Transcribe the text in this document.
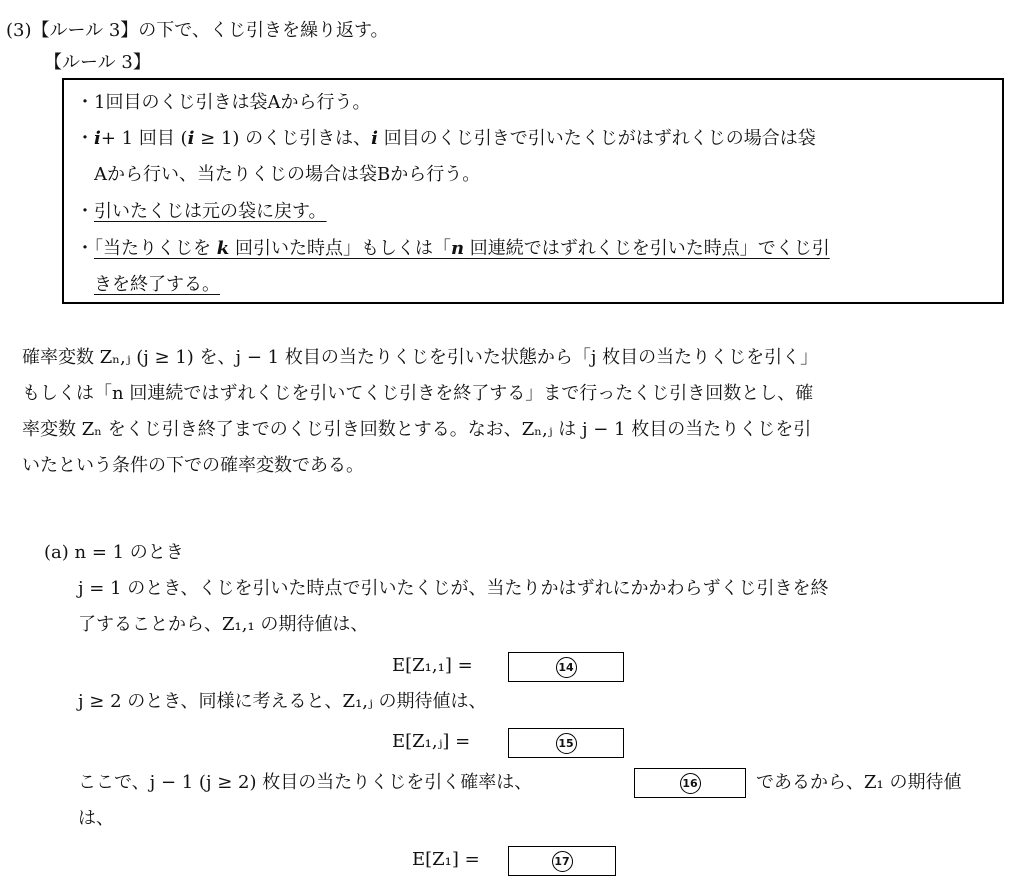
(3)【ルール 3】の下で、くじ引きを繰り返す。
【ルール 3】
・1回目のくじ引きは袋Aから行う。
・i+ 1 回目 (i ≥ 1) のくじ引きは、i 回目のくじ引きで引いたくじがはずれくじの場合は袋
Aから行い、当たりくじの場合は袋Bから行う。
・引いたくじは元の袋に戻す。
・「当たりくじを k 回引いた時点」もしくは「n 回連続ではずれくじを引いた時点」でくじ引
きを終了する。
確率変数 Zₙ,ⱼ (j ≥ 1) を、j − 1 枚目の当たりくじを引いた状態から「j 枚目の当たりくじを引く」
もしくは「n 回連続ではずれくじを引いてくじ引きを終了する」まで行ったくじ引き回数とし、確
率変数 Zₙ をくじ引き終了までのくじ引き回数とする。なお、Zₙ,ⱼ は j − 1 枚目の当たりくじを引
いたという条件の下での確率変数である。
(a) n = 1 のとき
j = 1 のとき、くじを引いた時点で引いたくじが、当たりかはずれにかかわらずくじ引きを終
了することから、Z₁,₁ の期待値は、
E[Z₁,₁] =	14
j ≥ 2 のとき、同様に考えると、Z₁,ⱼ の期待値は、
E[Z₁,ⱼ] =	15
ここで、j − 1 (j ≥ 2) 枚目の当たりくじを引く確率は、	16	であるから、Z₁ の期待値
は、
E[Z₁] =	17
